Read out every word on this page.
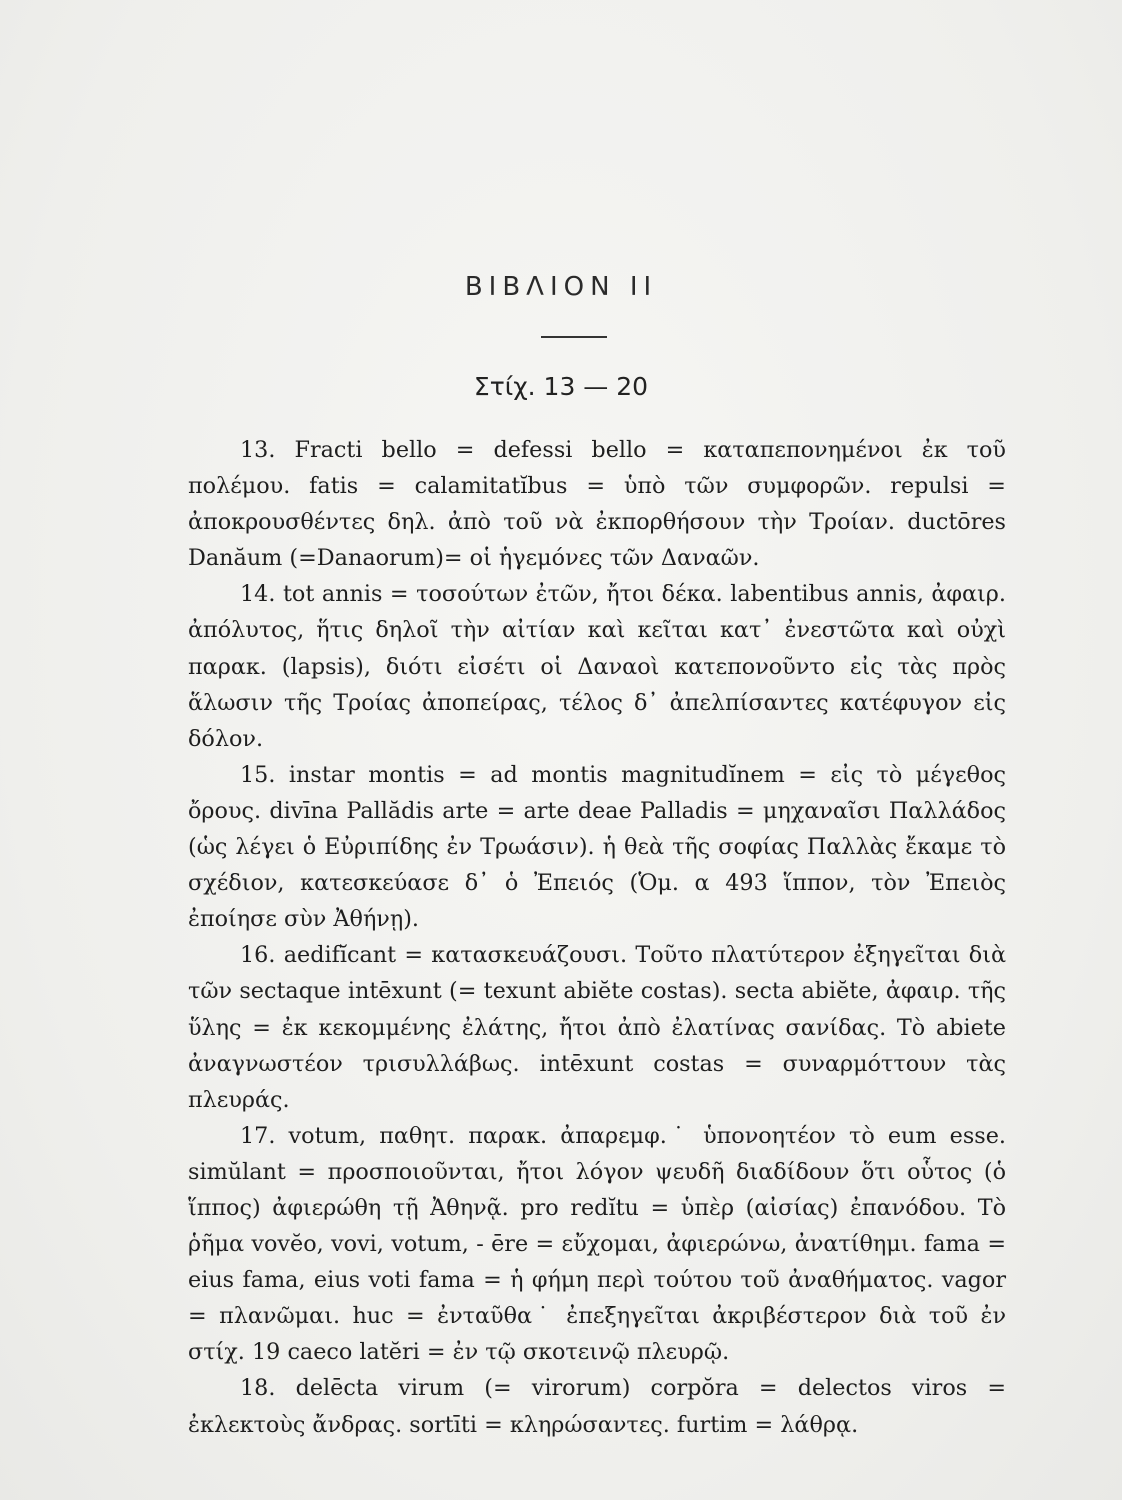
ΒΙΒΛΙΟΝ ΙΙ
Στίχ. 13 — 20

13. Fracti bello = defessi bello = καταπεπονημένοι ἐκ τοῦ πολέμου. fatis = calamitatĭbus = ὑπὸ τῶν συμφορῶν. repulsi = ἀποκρουσθέντες δηλ. ἀπὸ τοῦ νὰ ἐκπορθήσουν τὴν Τροίαν. ductōres Danăum (=Danaorum)= οἱ ἡγεμόνες τῶν Δαναῶν.

14. tot annis = τοσούτων ἐτῶν, ἤτοι δέκα. labentibus annis, ἀφαιρ. ἀπόλυτος, ἥτις δηλοῖ τὴν αἰτίαν καὶ κεῖται κατ᾽ ἐνεστῶτα καὶ οὐχὶ παρακ. (lapsis), διότι εἰσέτι οἱ Δαναοὶ κατεπονοῦντο εἰς τὰς πρὸς ἅλωσιν τῆς Τροίας ἀποπείρας, τέλος δ᾽ ἀπελπίσαντες κατέφυγον εἰς δόλον.

15. instar montis = ad montis magnitudĭnem = εἰς τὸ μέγεθος ὄρους. divīna Pallădis arte = arte deae Palladis = μηχαναῖσι Παλλάδος (ὡς λέγει ὁ Εὐριπίδης ἐν Τρωάσιν). ἡ θεὰ τῆς σοφίας Παλλὰς ἔκαμε τὸ σχέδιον, κατεσκεύασε δ᾽ ὁ Ἐπειός (Ὁμ. α 493 ἵππον, τὸν Ἐπειὸς ἐποίησε σὺν Ἀθήνῃ).

16. aedifĭcant = κατασκευάζουσι. Τοῦτο πλατύτερον ἐξηγεῖται διὰ τῶν sectaque intēxunt (= texunt abiĕte costas). secta abiĕte, ἀφαιρ. τῆς ὕλης = ἐκ κεκομμένης ἐλάτης, ἤτοι ἀπὸ ἐλατίνας σανίδας. Τὸ abiete ἀναγνωστέον τρισυλλάβως. intēxunt costas = συναρμόττουν τὰς πλευράς.

17. votum, παθητ. παρακ. ἀπαρεμφ.˙ ὑπονοητέον τὸ eum esse. simŭlant = προσποιοῦνται, ἤτοι λόγον ψευδῆ διαδίδουν ὅτι οὗτος (ὁ ἵππος) ἀφιερώθη τῇ Ἀθηνᾷ. pro redĭtu = ὑπὲρ (αἰσίας) ἐπανόδου. Τὸ ῥῆμα vovĕo, vovi, votum, - ēre = εὔχομαι, ἀφιερώνω, ἀνατίθημι. fama = eius fama, eius voti fama = ἡ φήμη περὶ τούτου τοῦ ἀναθήματος. vagor = πλανῶμαι. huc = ἐνταῦθα˙ ἐπεξηγεῖται ἀκριβέστερον διὰ τοῦ ἐν στίχ. 19 caeco latĕri = ἐν τῷ σκοτεινῷ πλευρῷ.

18. delēcta virum (= virorum) corpŏra = delectos viros = ἐκλεκτοὺς ἄνδρας. sortīti = κληρώσαντες. furtim = λάθρᾳ.
